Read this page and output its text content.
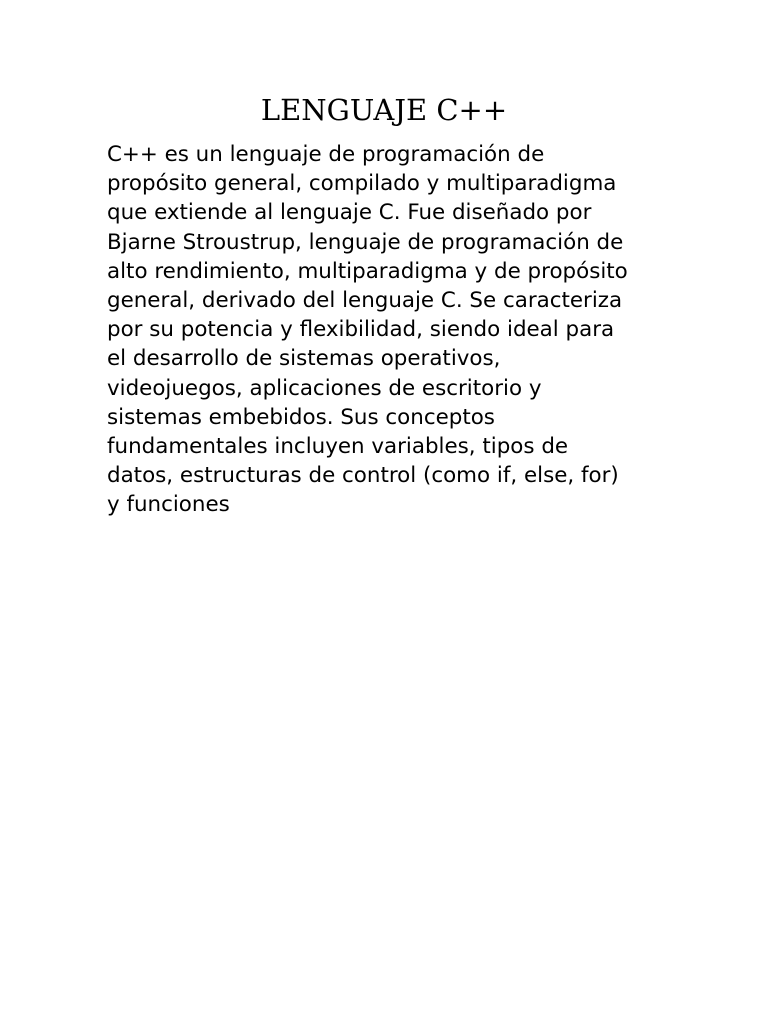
LENGUAJE C++

C++ es un lenguaje de programación de
propósito general, compilado y multiparadigma
que extiende al lenguaje C. Fue diseñado por
Bjarne Stroustrup, lenguaje de programación de
alto rendimiento, multiparadigma y de propósito
general, derivado del lenguaje C. Se caracteriza
por su potencia y flexibilidad, siendo ideal para
el desarrollo de sistemas operativos,
videojuegos, aplicaciones de escritorio y
sistemas embebidos. Sus conceptos
fundamentales incluyen variables, tipos de
datos, estructuras de control (como if, else, for)
y funciones
